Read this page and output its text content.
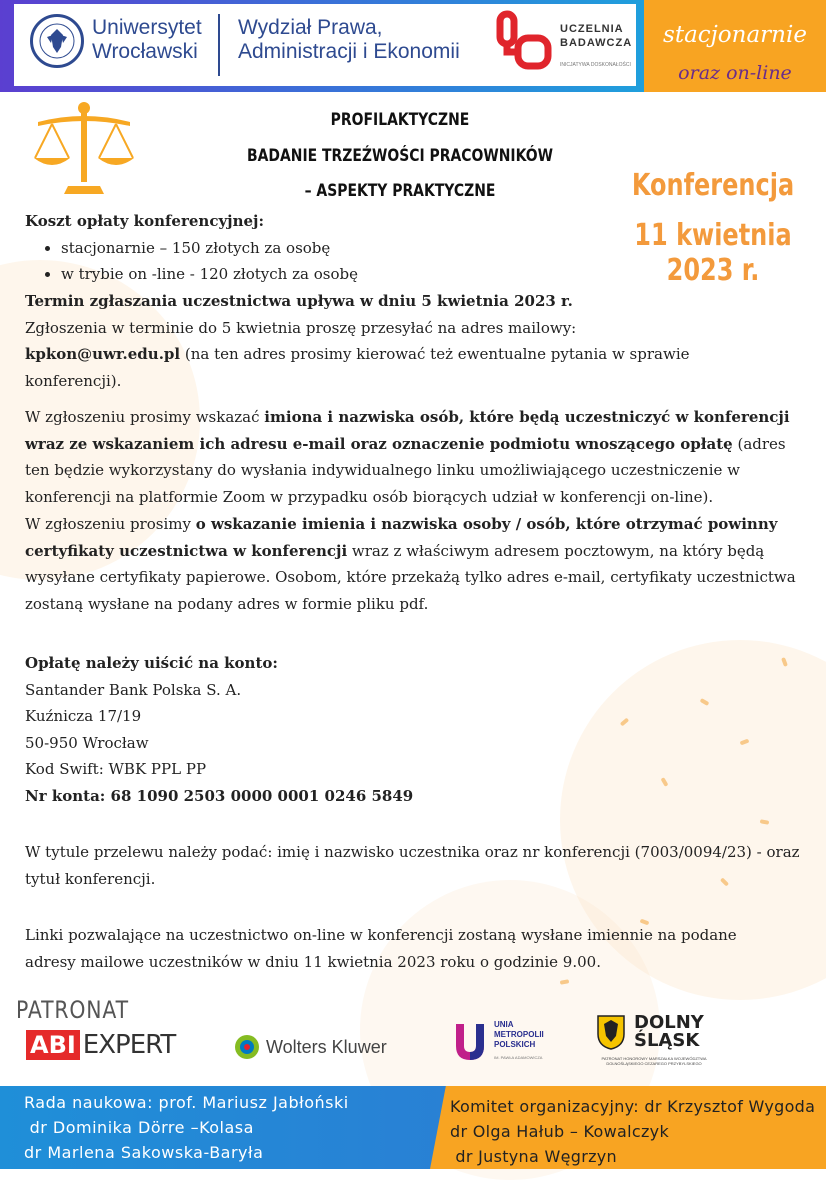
Uniwersytet
Wrocławski
Wydział Prawa,
Administracji i Ekonomii
UCZELNIA
BADAWCZA
INICJATYWA DOSKONAŁOŚCI
stacjonarnie
oraz on-line
PROFILAKTYCZNE
BADANIE TRZEŹWOŚCI PRACOWNIKÓW
– ASPEKTY PRAKTYCZNE	Konferencja
11 kwietnia 2023 r.

Koszt opłaty konferencyjnej:

• stacjonarnie – 150 złotych za osobę
• w trybie on -line - 120 złotych za osobę

Termin zgłaszania uczestnictwa upływa w dniu 5 kwietnia 2023 r.

Zgłoszenia w terminie do 5 kwietnia proszę przesyłać na adres mailowy:

kpkon@uwr.edu.pl (na ten adres prosimy kierować też ewentualne pytania w sprawie konferencji).

W zgłoszeniu prosimy wskazać imiona i nazwiska osób, które będą uczestniczyć w konferencji wraz ze wskazaniem ich adresu e-mail oraz oznaczenie podmiotu wnoszącego opłatę (adres ten będzie wykorzystany do wysłania indywidualnego linku umożliwiającego uczestniczenie w konferencji na platformie Zoom w przypadku osób biorących udział w konferencji on-line).

W zgłoszeniu prosimy o wskazanie imienia i nazwiska osoby / osób, które otrzymać powinny certyfikaty uczestnictwa w konferencji wraz z właściwym adresem pocztowym, na który będą wysyłane certyfikaty papierowe. Osobom, które przekażą tylko adres e-mail, certyfikaty uczestnictwa zostaną wysłane na podany adres w formie pliku pdf.

Opłatę należy uiścić na konto:

Santander Bank Polska S. A.

Kuźnicza 17/19

50-950 Wrocław

Kod Swift: WBK PPL PP

Nr konta: 68 1090 2503 0000 0001 0246 5849

W tytule przelewu należy podać: imię i nazwisko uczestnika oraz nr konferencji (7003/0094/23) - oraz tytuł konferencji.
Linki pozwalające na uczestnictwo on-line w konferencji zostaną wysłane imiennie na podane adresy mailowe uczestników w dniu 11 kwietnia 2023 roku o godzinie 9.00.
PATRONAT
ABI EXPERT	Wolters Kluwer
UNIA
METROPOLII
POLSKICH
IM. PAWŁA ADAMOWICZA
DOLNY
ŚLĄSK
PATRONAT HONOROWY MARSZAŁKA WOJEWÓDZTWA DOLNOŚLĄSKIEGO CEZAREGO PRZYBYLSKIEGO
Rada naukowa: prof. Mariusz Jabłoński
dr Dominika Dörre –Kolasa
dr Marlena Sakowska-Baryła
Komitet organizacyjny: dr Krzysztof Wygoda
dr Olga Hałub – Kowalczyk
dr Justyna Węgrzyn
